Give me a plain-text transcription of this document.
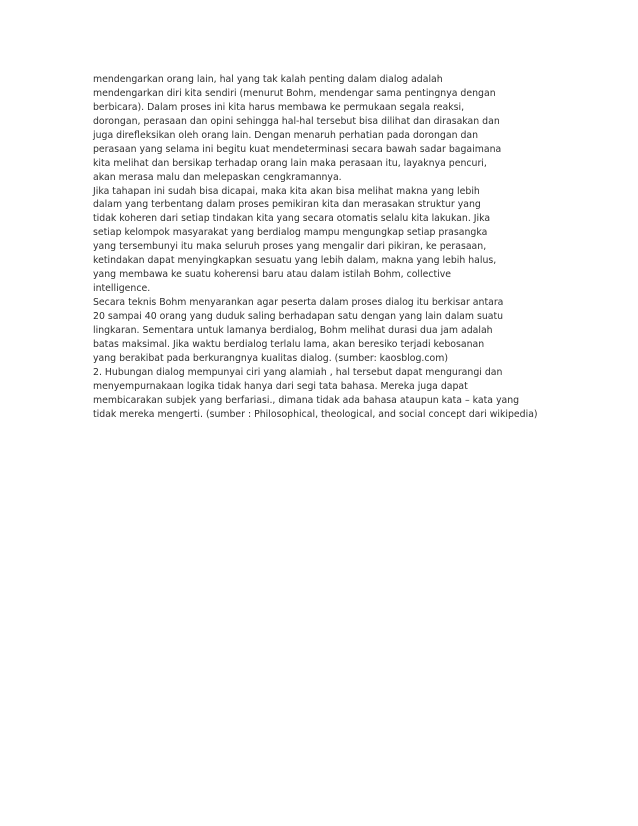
mendengarkan orang lain, hal yang tak kalah penting dalam dialog adalah
mendengarkan diri kita sendiri (menurut Bohm, mendengar sama pentingnya dengan
berbicara). Dalam proses ini kita harus membawa ke permukaan segala reaksi,
dorongan, perasaan dan opini sehingga hal-hal tersebut bisa dilihat dan dirasakan dan
juga direfleksikan oleh orang lain. Dengan menaruh perhatian pada dorongan dan
perasaan yang selama ini begitu kuat mendeterminasi secara bawah sadar bagaimana
kita melihat dan bersikap terhadap orang lain maka perasaan itu, layaknya pencuri,
akan merasa malu dan melepaskan cengkramannya.
Jika tahapan ini sudah bisa dicapai, maka kita akan bisa melihat makna yang lebih
dalam yang terbentang dalam proses pemikiran kita dan merasakan struktur yang
tidak koheren dari setiap tindakan kita yang secara otomatis selalu kita lakukan. Jika
setiap kelompok masyarakat yang berdialog mampu mengungkap setiap prasangka
yang tersembunyi itu maka seluruh proses yang mengalir dari pikiran, ke perasaan,
ketindakan dapat menyingkapkan sesuatu yang lebih dalam, makna yang lebih halus,
yang membawa ke suatu koherensi baru atau dalam istilah Bohm, collective
intelligence.
Secara teknis Bohm menyarankan agar peserta dalam proses dialog itu berkisar antara
20 sampai 40 orang yang duduk saling berhadapan satu dengan yang lain dalam suatu
lingkaran. Sementara untuk lamanya berdialog, Bohm melihat durasi dua jam adalah
batas maksimal. Jika waktu berdialog terlalu lama, akan beresiko terjadi kebosanan
yang berakibat pada berkurangnya kualitas dialog. (sumber: kaosblog.com)
2. Hubungan dialog mempunyai ciri yang alamiah , hal tersebut dapat mengurangi dan
menyempurnakaan logika tidak hanya dari segi tata bahasa. Mereka juga dapat
membicarakan subjek yang berfariasi., dimana tidak ada bahasa ataupun kata – kata yang
tidak mereka mengerti. (sumber : Philosophical, theological, and social concept dari wikipedia)
